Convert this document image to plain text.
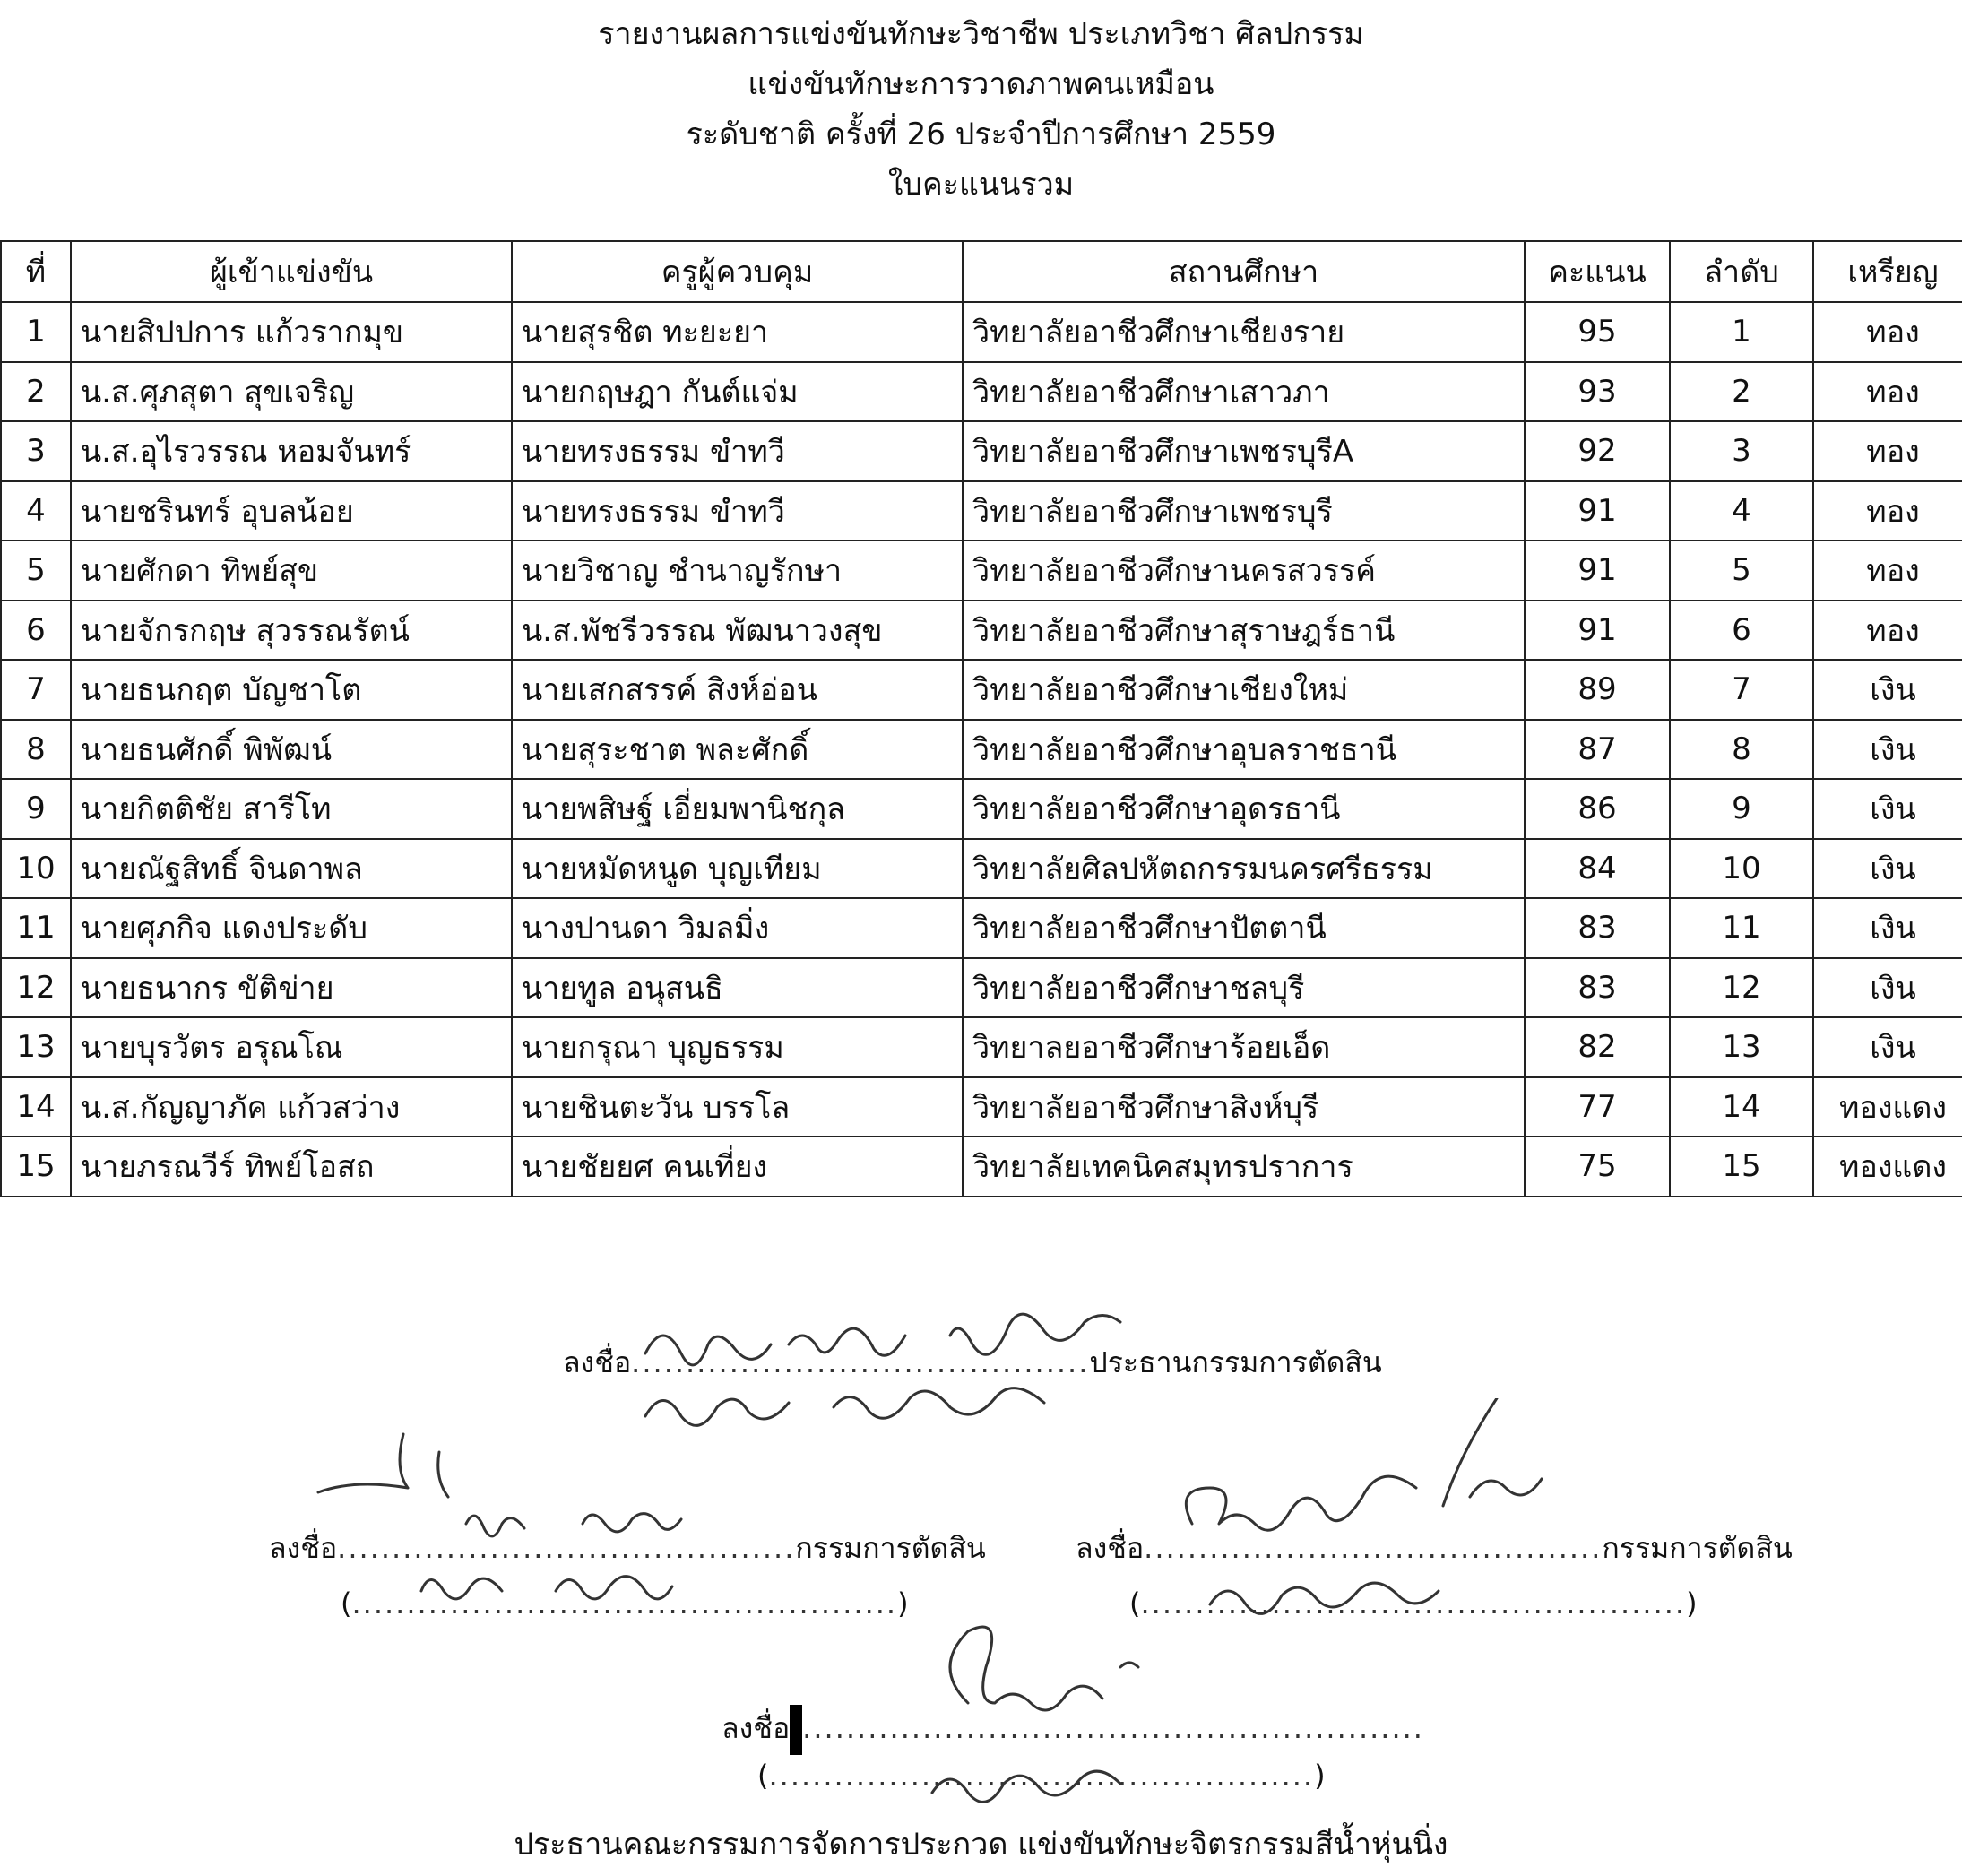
รายงานผลการแข่งขันทักษะวิชาชีพ ประเภทวิชา ศิลปกรรม
แข่งขันทักษะการวาดภาพคนเหมือน
ระดับชาติ ครั้งที่ 26 ประจำปีการศึกษา 2559
ใบคะแนนรวม
ที่	ผู้เข้าแข่งขัน	ครูผู้ควบคุม	สถานศึกษา	คะแนน	ลำดับ	เหรียญ
1	นายสิปปการ แก้วรากมุข	นายสุรชิต ทะยะยา	วิทยาลัยอาชีวศึกษาเชียงราย	95	1	ทอง
2	น.ส.ศุภสุตา สุขเจริญ	นายกฤษฎา กันต์แจ่ม	วิทยาลัยอาชีวศึกษาเสาวภา	93	2	ทอง
3	น.ส.อุไรวรรณ หอมจันทร์	นายทรงธรรม ขำทวี	วิทยาลัยอาชีวศึกษาเพชรบุรีA	92	3	ทอง
4	นายชรินทร์ อุบลน้อย	นายทรงธรรม ขำทวี	วิทยาลัยอาชีวศึกษาเพชรบุรี	91	4	ทอง
5	นายศักดา ทิพย์สุข	นายวิชาญ ชำนาญรักษา	วิทยาลัยอาชีวศึกษานครสวรรค์	91	5	ทอง
6	นายจักรกฤษ สุวรรณรัตน์	น.ส.พัชรีวรรณ พัฒนาวงสุข	วิทยาลัยอาชีวศึกษาสุราษฎร์ธานี	91	6	ทอง
7	นายธนกฤต บัญชาโต	นายเสกสรรค์ สิงห์อ่อน	วิทยาลัยอาชีวศึกษาเชียงใหม่	89	7	เงิน
8	นายธนศักดิ์ พิพัฒน์	นายสุระชาต พละศักดิ์	วิทยาลัยอาชีวศึกษาอุบลราชธานี	87	8	เงิน
9	นายกิตติชัย สารีโท	นายพสิษฐ์ เอี่ยมพานิชกุล	วิทยาลัยอาชีวศึกษาอุดรธานี	86	9	เงิน
10	นายณัฐสิทธิ์ จินดาพล	นายหมัดหนูด บุญเทียม	วิทยาลัยศิลปหัตถกรรมนครศรีธรรม	84	10	เงิน
11	นายศุภกิจ แดงประดับ	นางปานดา วิมลมิ่ง	วิทยาลัยอาชีวศึกษาปัตตานี	83	11	เงิน
12	นายธนากร ขัติข่าย	นายทูล อนุสนธิ	วิทยาลัยอาชีวศึกษาชลบุรี	83	12	เงิน
13	นายบุรวัตร อรุณโณ	นายกรุณา บุญธรรม	วิทยาลยอาชีวศึกษาร้อยเอ็ด	82	13	เงิน
14	น.ส.กัญญาภัค แก้วสว่าง	นายชินตะวัน บรรโล	วิทยาลัยอาชีวศึกษาสิงห์บุรี	77	14	ทองแดง
15	นายภรณวีร์ ทิพย์โอสถ	นายชัยยศ คนเที่ยง	วิทยาลัยเทคนิคสมุทรปราการ	75	15	ทองแดง
ลงชื่อ..........................................ประธานกรรมการตัดสิน
ลงชื่อ..........................................กรรมการตัดสิน
(..................................................)
ลงชื่อ..........................................กรรมการตัดสิน
(..................................................)
ลงชื่อ .........................................................
(..................................................)
ประธานคณะกรรมการจัดการประกวด แข่งขันทักษะจิตรกรรมสีน้ำหุ่นนิ่ง
